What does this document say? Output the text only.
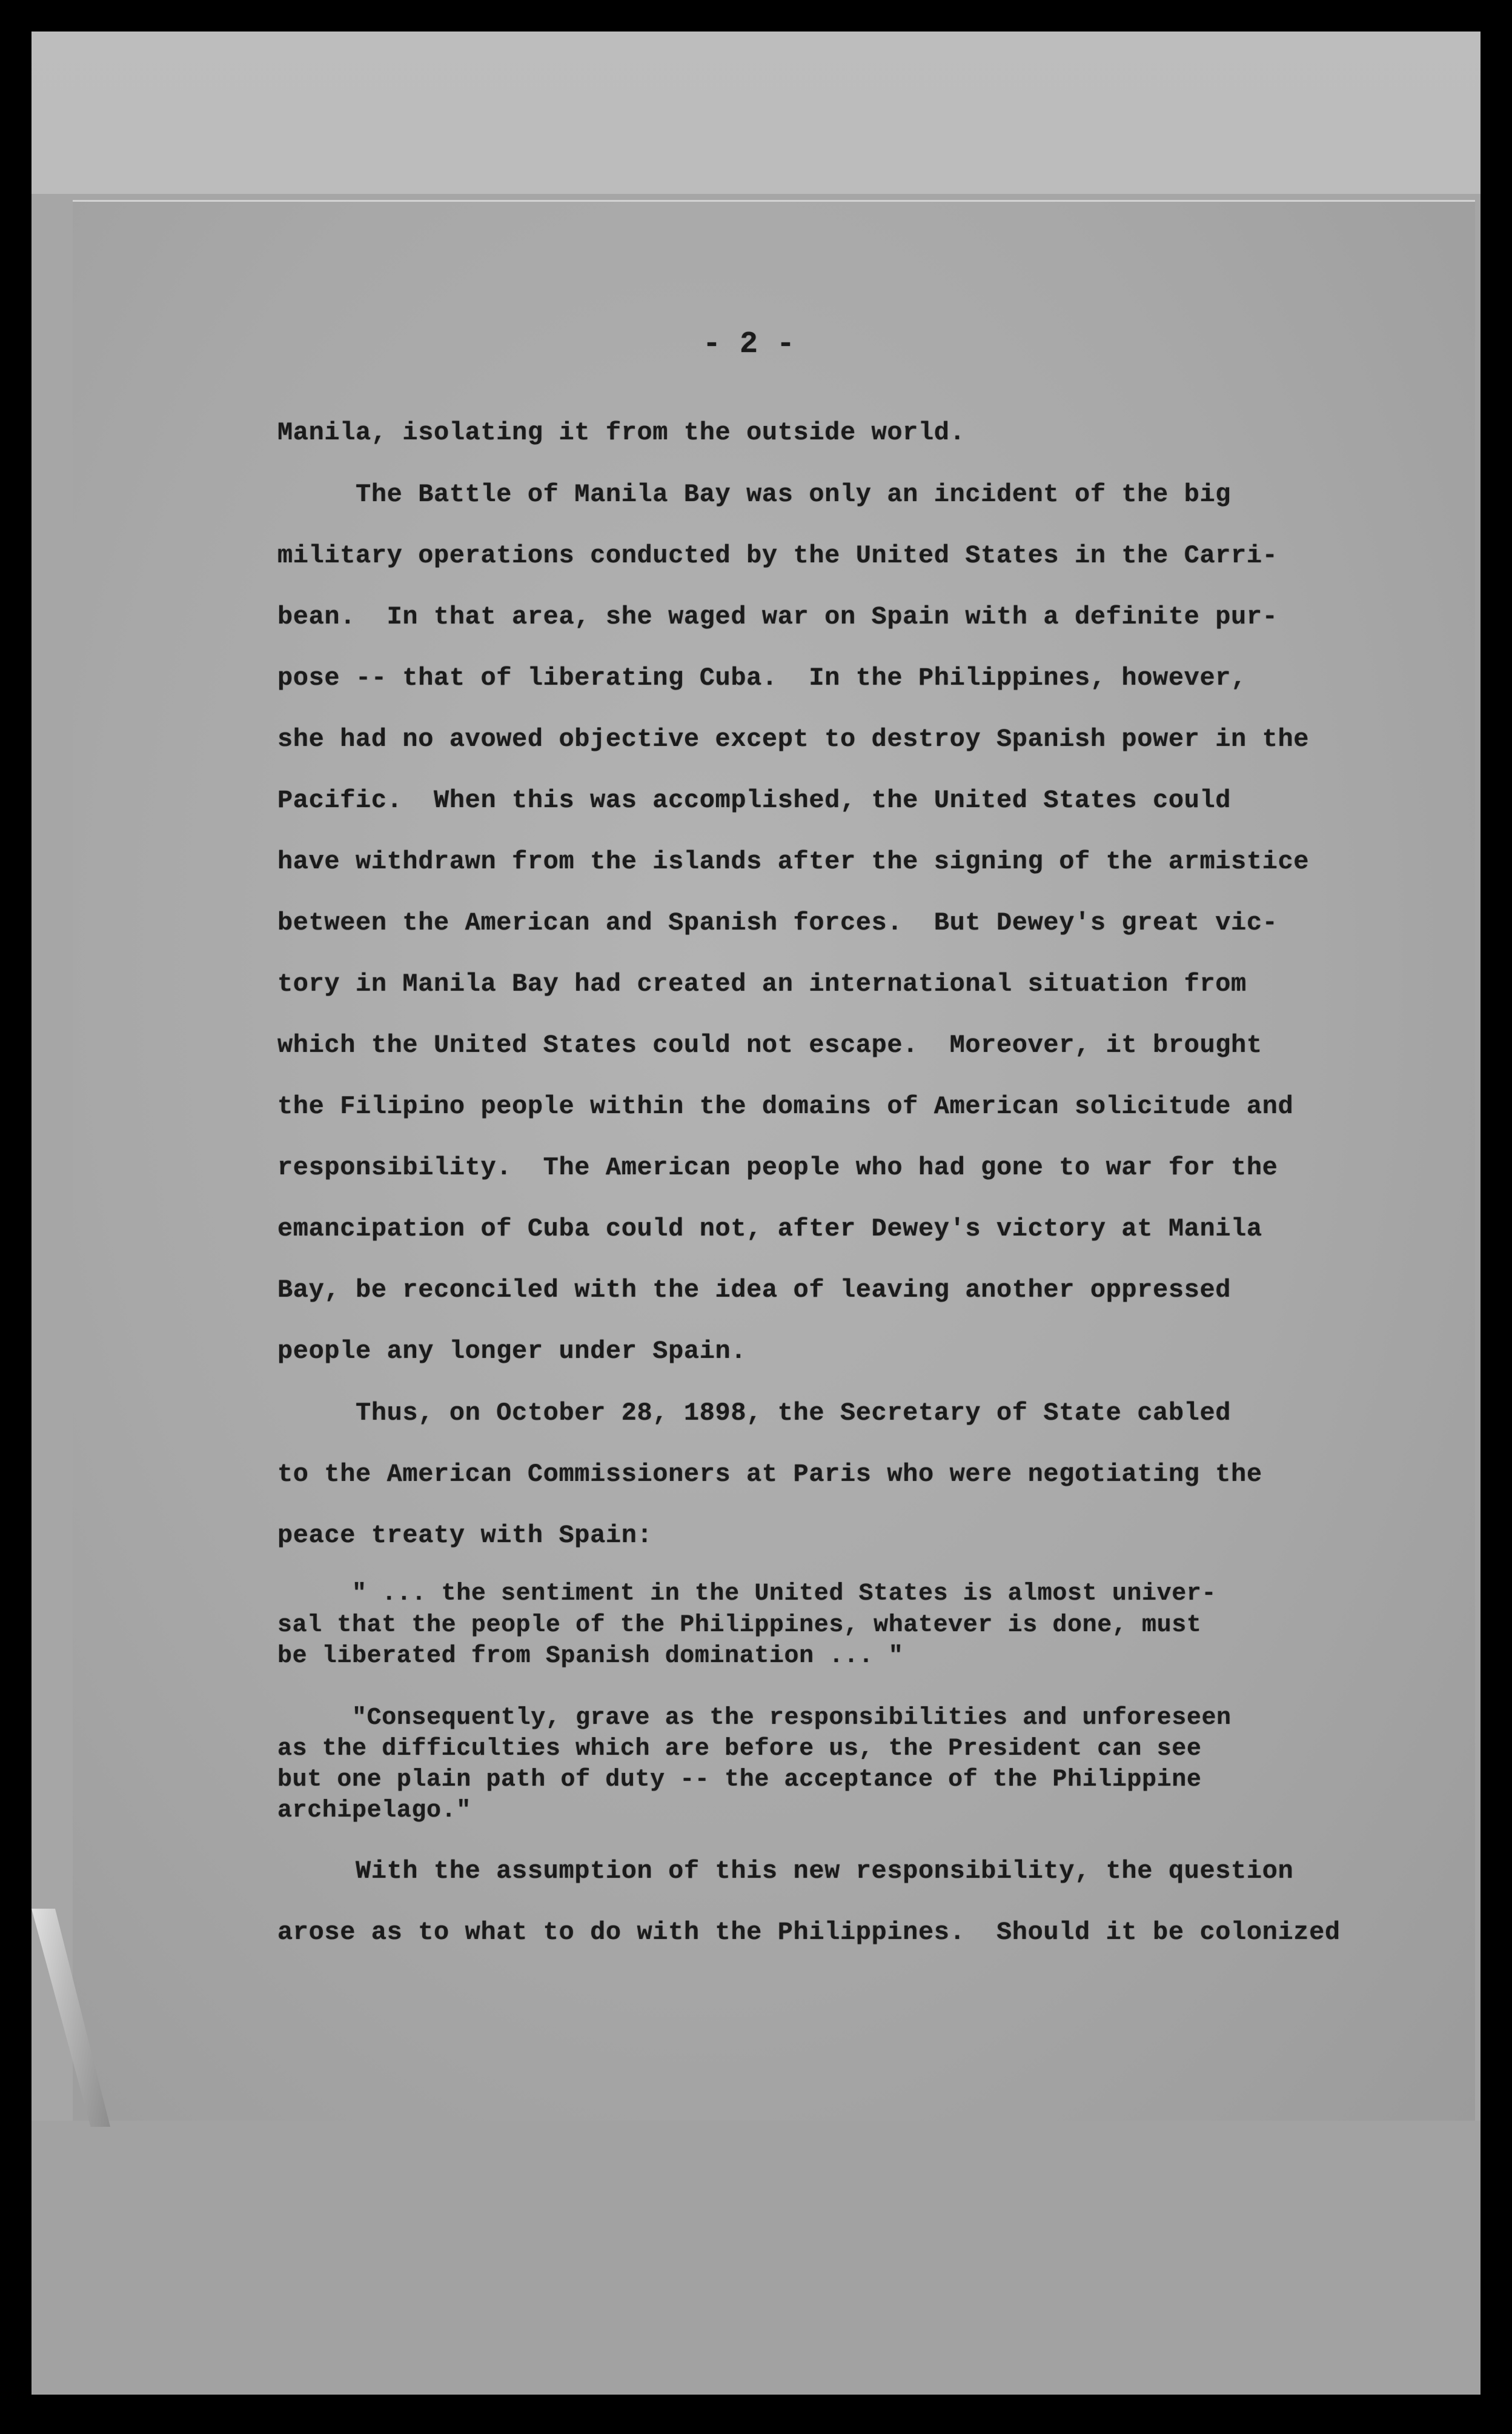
- 2 -
Manila, isolating it from the outside world.
The Battle of Manila Bay was only an incident of the big
military operations conducted by the United States in the Carri-
bean.  In that area, she waged war on Spain with a definite pur-
pose -- that of liberating Cuba.  In the Philippines, however,
she had no avowed objective except to destroy Spanish power in the
Pacific.  When this was accomplished, the United States could
have withdrawn from the islands after the signing of the armistice
between the American and Spanish forces.  But Dewey's great vic-
tory in Manila Bay had created an international situation from
which the United States could not escape.  Moreover, it brought
the Filipino people within the domains of American solicitude and
responsibility.  The American people who had gone to war for the
emancipation of Cuba could not, after Dewey's victory at Manila
Bay, be reconciled with the idea of leaving another oppressed
people any longer under Spain.
Thus, on October 28, 1898, the Secretary of State cabled
to the American Commissioners at Paris who were negotiating the
peace treaty with Spain:
" ... the sentiment in the United States is almost univer-
sal that the people of the Philippines, whatever is done, must
be liberated from Spanish domination ... "
"Consequently, grave as the responsibilities and unforeseen
as the difficulties which are before us, the President can see
but one plain path of duty -- the acceptance of the Philippine
archipelago."
With the assumption of this new responsibility, the question
arose as to what to do with the Philippines.  Should it be colonized
